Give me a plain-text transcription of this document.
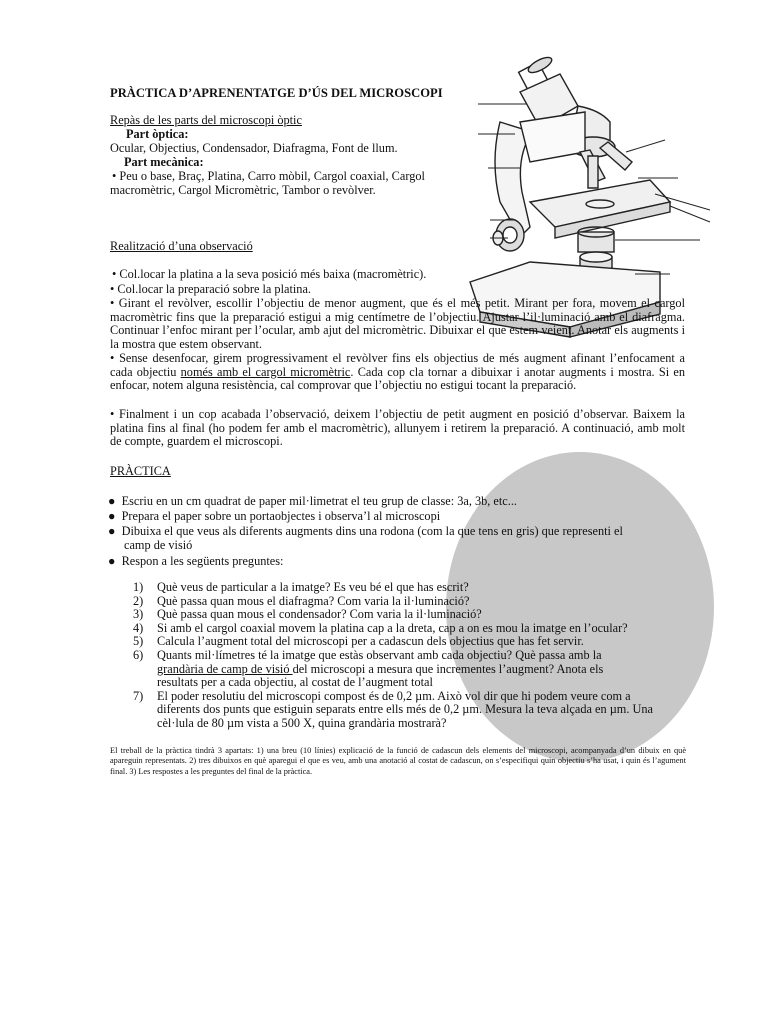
PRÀCTICA D’APRENENTATGE D’ÚS DEL MICROSCOPI
Repàs de les parts del microscopi òptic
Part òptica:
Ocular, Objectius, Condensador, Diafragma, Font de llum.
Part mecànica:
• Peu o base, Braç, Platina, Carro mòbil, Cargol coaxial, Cargol
macromètric, Cargol Micromètric, Tambor o revòlver.
Realització d’una observació
• Col.locar la platina a la seva posició més baixa (macromètric).
• Col.locar la preparació sobre la platina.
• Girant el revòlver, escollir l’objectiu de menor augment, que és el més petit. Mirant per fora, movem el cargol macromètric fins que la preparació estigui a mig centímetre de l’objectiu. Ajustar l’il·luminació amb el diafragma. Continuar l’enfoc mirant per l’ocular, amb ajut del micromètric. Dibuixar el que estem veient. Anotar els augments i la mostra que estem observant.
• Sense desenfocar, girem progressivament el revòlver fins els objectius de més augment afinant l’enfocament a cada objectiu només amb el cargol micromètric. Cada cop cla tornar a dibuixar i anotar augments i mostra. Si en enfocar, notem alguna resistència, cal comprovar que l’objectiu no estigui tocant la preparació.
• Finalment i un cop acabada l’observació, deixem l’objectiu de petit augment en posició d’observar. Baixem la platina fins al final (ho podem fer amb el macromètric), allunyem i retirem la preparació. A continuació, amb molt de compte, guardem el microscopi.
PRÀCTICA
●  Escriu en un cm quadrat de paper mil·limetrat el teu grup de classe: 3a, 3b, etc...
●  Prepara el paper sobre un portaobjectes i observa’l al microscopi
●  Dibuixa el que veus als diferents augments dins una rodona (com la que tens en gris) que representi el
camp de visió
●  Respon a les següents preguntes:
1) Què veus de particular a la imatge? Es veu bé el que has escrit?
2) Què passa quan mous el diafragma? Com varia la il·luminació?
3) Què passa quan mous el condensador? Com varia la il·luminació?
4) Si amb el cargol coaxial movem la platina cap a la dreta, cap a on es mou la imatge en l’ocular?
5) Calcula l’augment total del microscopi per a cadascun dels objectius que has fet servir.
6) Quants mil·límetres té la imatge que estàs observant amb cada objectiu? Què passa amb la grandària de camp de visió del microscopi a mesura que incrementes l’augment? Anota els resultats per a cada objectiu, al costat de l’augment total
7) El poder resolutiu del microscopi compost és de 0,2 µm. Això vol dir que hi podem veure com a diferents dos punts que estiguin separats entre ells més de 0,2 µm. Mesura la teva alçada en µm. Una cèl·lula de 80 µm vista a 500 X, quina grandària mostrarà?
El treball de la pràctica tindrà 3 apartats: 1) una breu (10 línies) explicació de la funció de cadascun dels elements del microscopi, acompanyada d’un dibuix en què apareguin representats. 2) tres dibuixos en què aparegui el que es veu, amb una anotació al costat de cadascun, on s’especifiqui quin objectiu s’ha usat, i quin és l’agument final. 3) Les respostes a les preguntes del final de la pràctica.
